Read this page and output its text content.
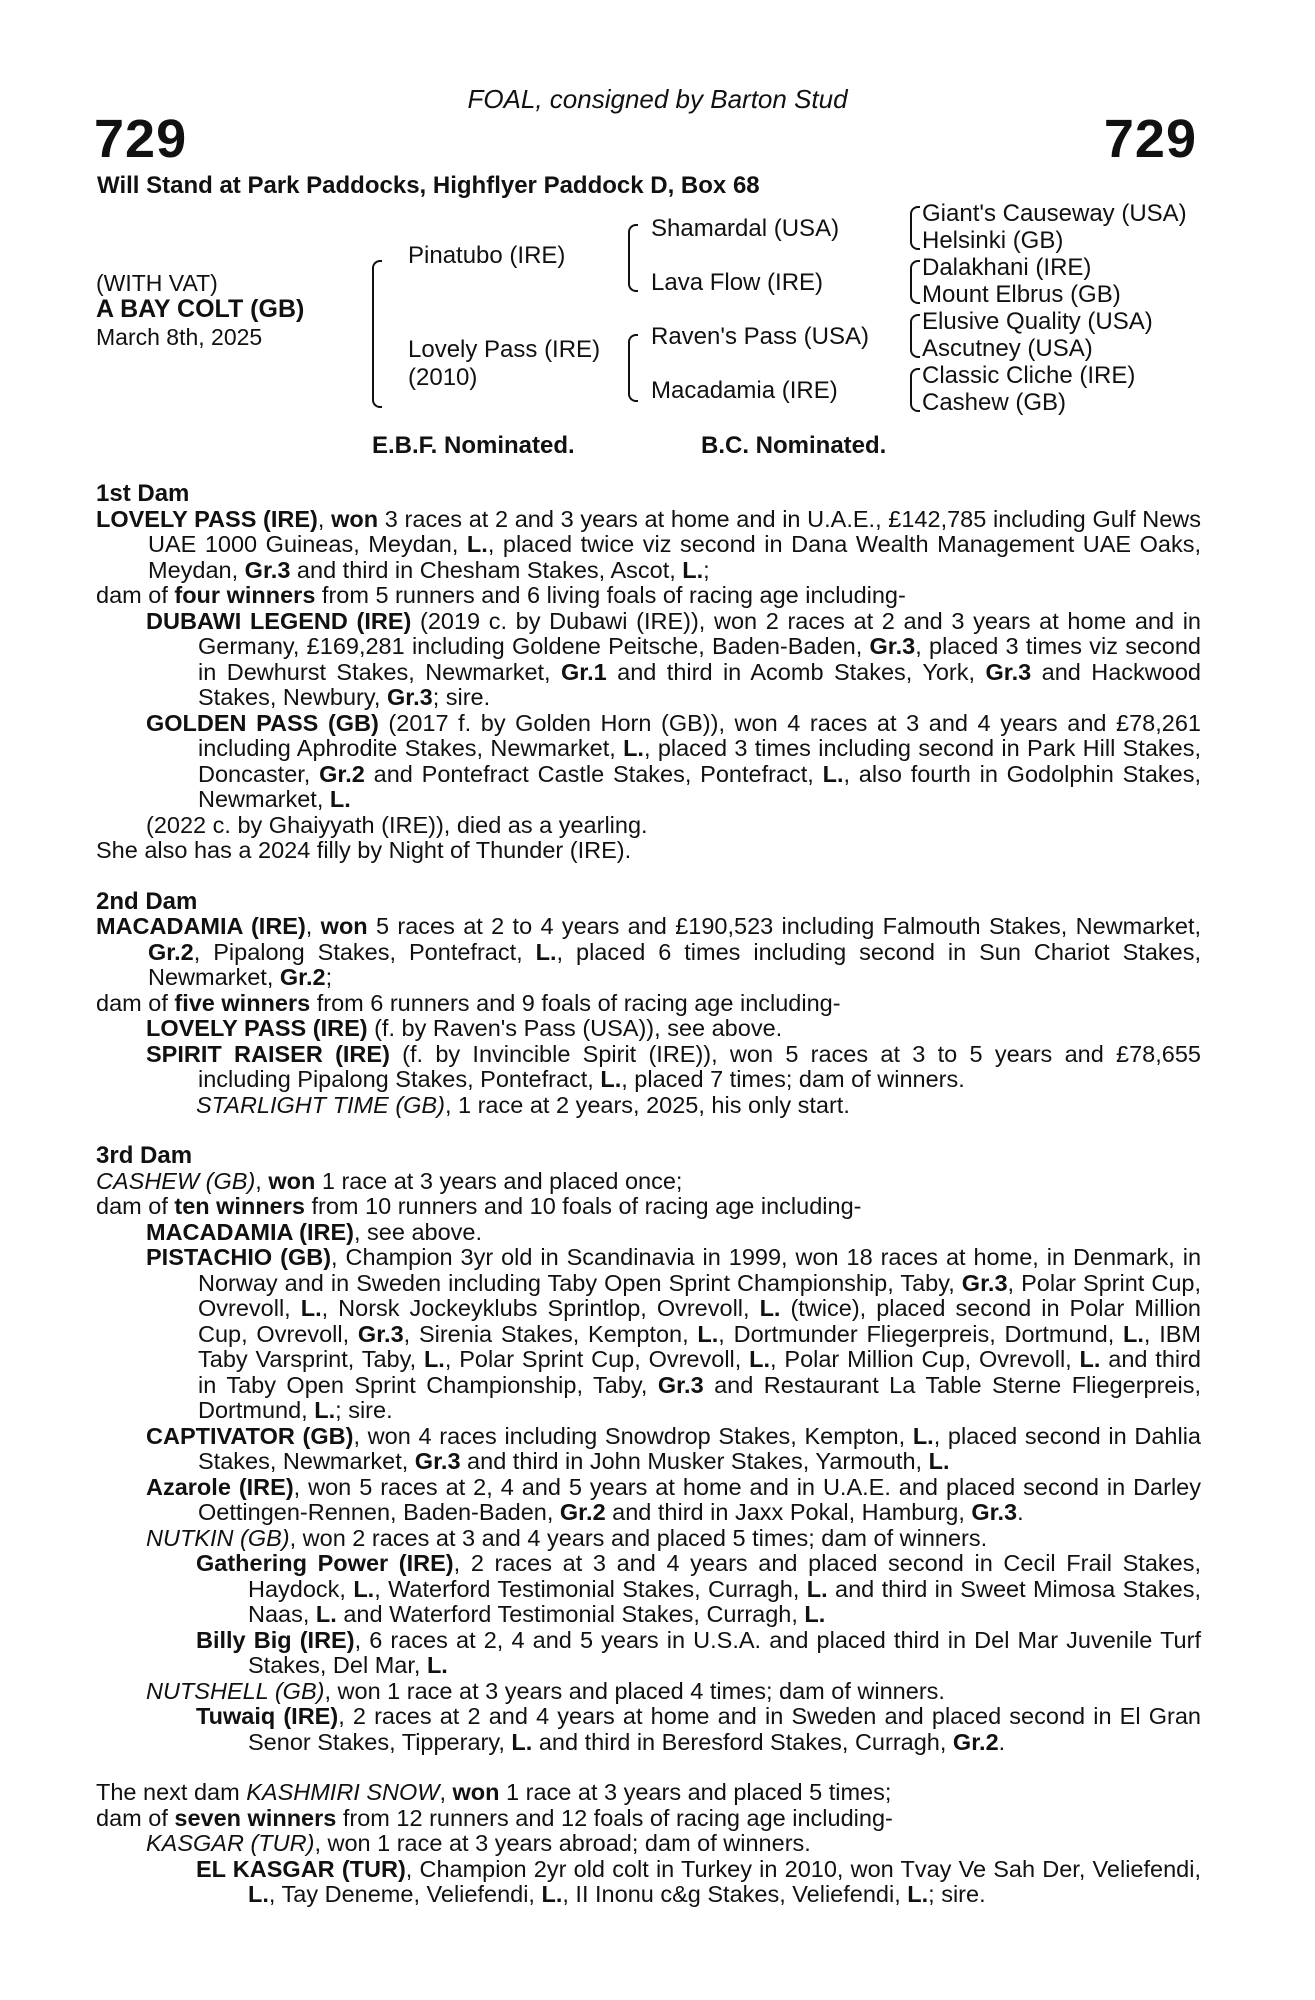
FOAL, consigned by Barton Stud
729	729
Will Stand at Park Paddocks, Highflyer Paddock D, Box 68
(WITH VAT)
A BAY COLT (GB)
March 8th, 2025
Pinatubo (IRE)
Lovely Pass (IRE)
(2010)
Shamardal (USA)
Lava Flow (IRE)
Raven's Pass (USA)
Macadamia (IRE)
Giant's Causeway (USA)
Helsinki (GB)
Dalakhani (IRE)
Mount Elbrus (GB)
Elusive Quality (USA)
Ascutney (USA)
Classic Cliche (IRE)
Cashew (GB)
E.B.F. Nominated.	B.C. Nominated.

1st Dam

LOVELY PASS (IRE), won 3 races at 2 and 3 years at home and in U.A.E., £142,785 including Gulf News UAE 1000 Guineas, Meydan, L., placed twice viz second in Dana Wealth Management UAE Oaks, Meydan, Gr.3 and third in Chesham Stakes, Ascot, L.;

dam of four winners from 5 runners and 6 living foals of racing age including-

DUBAWI LEGEND (IRE) (2019 c. by Dubawi (IRE)), won 2 races at 2 and 3 years at home and in Germany, £169,281 including Goldene Peitsche, Baden-Baden, Gr.3, placed 3 times viz second in Dewhurst Stakes, Newmarket, Gr.1 and third in Acomb Stakes, York, Gr.3 and Hackwood Stakes, Newbury, Gr.3; sire.

GOLDEN PASS (GB) (2017 f. by Golden Horn (GB)), won 4 races at 3 and 4 years and £78,261 including Aphrodite Stakes, Newmarket, L., placed 3 times including second in Park Hill Stakes, Doncaster, Gr.2 and Pontefract Castle Stakes, Pontefract, L., also fourth in Godolphin Stakes, Newmarket, L.

(2022 c. by Ghaiyyath (IRE)), died as a yearling.

She also has a 2024 filly by Night of Thunder (IRE).

2nd Dam

MACADAMIA (IRE), won 5 races at 2 to 4 years and £190,523 including Falmouth Stakes, Newmarket, Gr.2, Pipalong Stakes, Pontefract, L., placed 6 times including second in Sun Chariot Stakes, Newmarket, Gr.2;

dam of five winners from 6 runners and 9 foals of racing age including-

LOVELY PASS (IRE) (f. by Raven's Pass (USA)), see above.

SPIRIT RAISER (IRE) (f. by Invincible Spirit (IRE)), won 5 races at 3 to 5 years and £78,655 including Pipalong Stakes, Pontefract, L., placed 7 times; dam of winners.

STARLIGHT TIME (GB), 1 race at 2 years, 2025, his only start.

3rd Dam

CASHEW (GB), won 1 race at 3 years and placed once;

dam of ten winners from 10 runners and 10 foals of racing age including-

MACADAMIA (IRE), see above.

PISTACHIO (GB), Champion 3yr old in Scandinavia in 1999, won 18 races at home, in Denmark, in Norway and in Sweden including Taby Open Sprint Championship, Taby, Gr.3, Polar Sprint Cup, Ovrevoll, L., Norsk Jockeyklubs Sprintlop, Ovrevoll, L. (twice), placed second in Polar Million Cup, Ovrevoll, Gr.3, Sirenia Stakes, Kempton, L., Dortmunder Fliegerpreis, Dortmund, L., IBM Taby Varsprint, Taby, L., Polar Sprint Cup, Ovrevoll, L., Polar Million Cup, Ovrevoll, L. and third in Taby Open Sprint Championship, Taby, Gr.3 and Restaurant La Table Sterne Fliegerpreis, Dortmund, L.; sire.

CAPTIVATOR (GB), won 4 races including Snowdrop Stakes, Kempton, L., placed second in Dahlia Stakes, Newmarket, Gr.3 and third in John Musker Stakes, Yarmouth, L.

Azarole (IRE), won 5 races at 2, 4 and 5 years at home and in U.A.E. and placed second in Darley Oettingen-Rennen, Baden-Baden, Gr.2 and third in Jaxx Pokal, Hamburg, Gr.3.

NUTKIN (GB), won 2 races at 3 and 4 years and placed 5 times; dam of winners.

Gathering Power (IRE), 2 races at 3 and 4 years and placed second in Cecil Frail Stakes, Haydock, L., Waterford Testimonial Stakes, Curragh, L. and third in Sweet Mimosa Stakes, Naas, L. and Waterford Testimonial Stakes, Curragh, L.

Billy Big (IRE), 6 races at 2, 4 and 5 years in U.S.A. and placed third in Del Mar Juvenile Turf Stakes, Del Mar, L.

NUTSHELL (GB), won 1 race at 3 years and placed 4 times; dam of winners.

Tuwaiq (IRE), 2 races at 2 and 4 years at home and in Sweden and placed second in El Gran Senor Stakes, Tipperary, L. and third in Beresford Stakes, Curragh, Gr.2.

The next dam KASHMIRI SNOW, won 1 race at 3 years and placed 5 times;

dam of seven winners from 12 runners and 12 foals of racing age including-

KASGAR (TUR), won 1 race at 3 years abroad; dam of winners.

EL KASGAR (TUR), Champion 2yr old colt in Turkey in 2010, won Tvay Ve Sah Der, Veliefendi, L., Tay Deneme, Veliefendi, L., II Inonu c&g Stakes, Veliefendi, L.; sire.
